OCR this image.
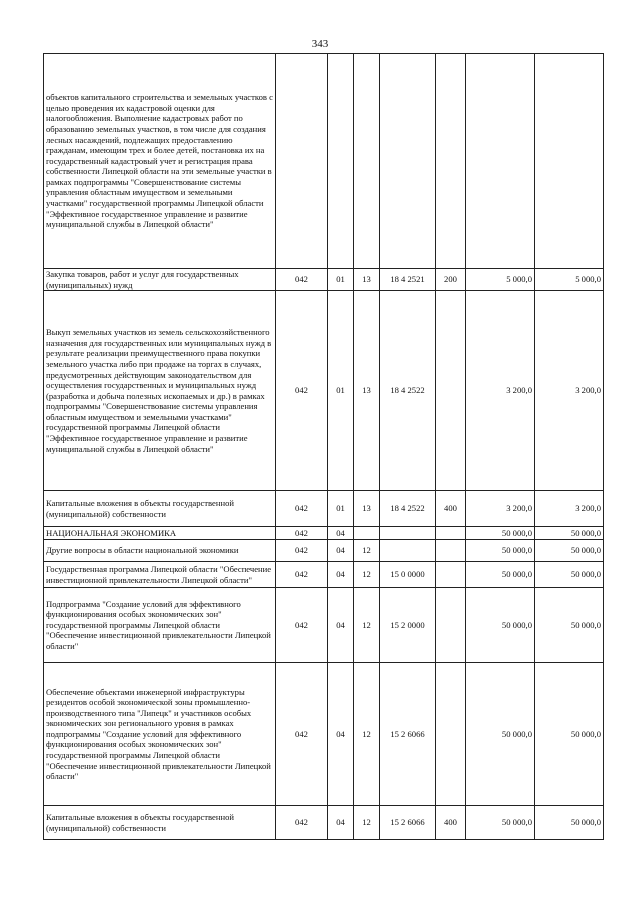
343
объектов капитального строительства и земельных участков с целью проведения их кадастровой оценки для налогообложения. Выполнение кадастровых работ по образованию земельных участков, в том числе для создания лесных насаждений, подлежащих предоставлению гражданам, имеющим трех и более детей, постановка их на государственный кадастровый учет и регистрация права собственности Липецкой области на эти земельные участки в рамках подпрограммы "Совершенствование системы управления областным имуществом и земельными участками" государственной программы Липецкой области "Эффективное государственное управление и развитие муниципальной службы в Липецкой области"							
Закупка товаров, работ и услуг для государственных (муниципальных) нужд	042	01	13	18 4 2521	200	5 000,0	5 000,0
Выкуп земельных участков из земель сельскохозяйственного назначения для государственных или муниципальных нужд в результате реализации преимущественного права покупки земельного участка либо при продаже на торгах в случаях, предусмотренных действующим законодательством для осуществления государственных и муниципальных нужд (разработка и добыча полезных ископаемых и др.) в рамках подпрограммы "Совершенствование системы управления областным имуществом и земельными участками" государственной программы Липецкой области "Эффективное государственное управление и развитие муниципальной службы в Липецкой области"	042	01	13	18 4 2522		3 200,0	3 200,0
Капитальные вложения в объекты государственной (муниципальной) собственности	042	01	13	18 4 2522	400	3 200,0	3 200,0
НАЦИОНАЛЬНАЯ ЭКОНОМИКА	042	04				50 000,0	50 000,0
Другие вопросы в области национальной экономики	042	04	12			50 000,0	50 000,0
Государственная программа Липецкой области "Обеспечение инвестиционной привлекательности Липецкой области"	042	04	12	15 0 0000		50 000,0	50 000,0
Подпрограмма "Создание условий для эффективного функционирования особых экономических зон" государственной программы Липецкой области "Обеспечение инвестиционной привлекательности Липецкой области"	042	04	12	15 2 0000		50 000,0	50 000,0
Обеспечение объектами инженерной инфраструктуры резидентов особой экономической зоны промышленно-производственного типа "Липецк" и участников особых экономических зон регионального уровня в рамках подпрограммы "Создание условий для эффективного функционирования особых экономических зон" государственной программы Липецкой области "Обеспечение инвестиционной привлекательности Липецкой области"	042	04	12	15 2 6066		50 000,0	50 000,0
Капитальные вложения в объекты государственной (муниципальной) собственности	042	04	12	15 2 6066	400	50 000,0	50 000,0
